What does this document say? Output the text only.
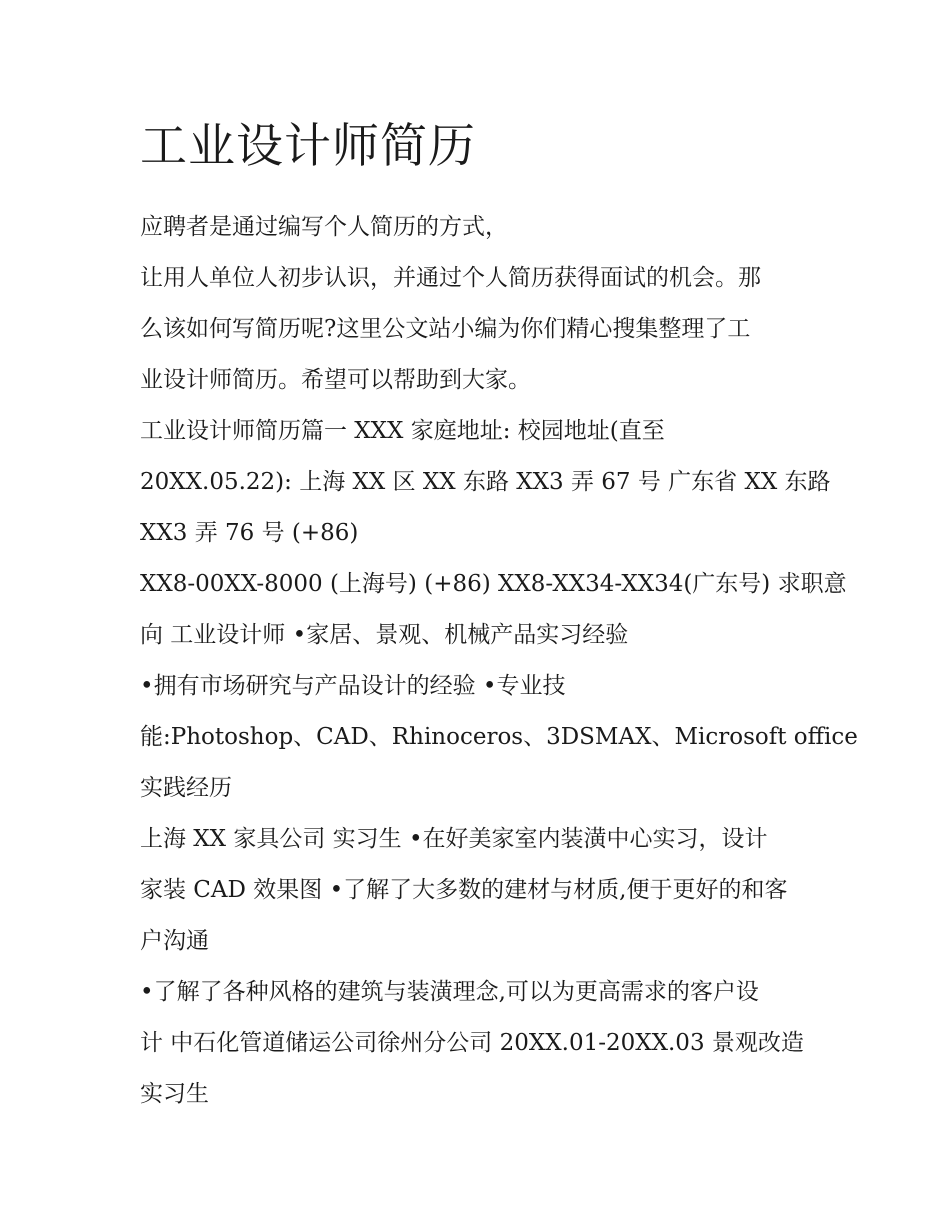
工业设计师简历

应聘者是通过编写个人简历的方式，

让用人单位人初步认识，并通过个人简历获得面试的机会。那

么该如何写简历呢?这里公文站小编为你们精心搜集整理了工

业设计师简历。希望可以帮助到大家。

工业设计师简历篇一 XXX 家庭地址: 校园地址(直至

20XX.05.22): 上海 XX 区 XX 东路 XX3 弄 67 号 广东省 XX 东路

XX3 弄 76 号 (+86)

XX8-00XX-8000 (上海号) (+86) XX8-XX34-XX34(广东号) 求职意

向 工业设计师 •家居、景观、机械产品实习经验

•拥有市场研究与产品设计的经验 •专业技

能:Photoshop、CAD、Rhinoceros、3DSMAX、Microsoft office

实践经历

上海 XX 家具公司 实习生 •在好美家室内装潢中心实习，设计

家装 CAD 效果图 •了解了大多数的建材与材质,便于更好的和客

户沟通

•了解了各种风格的建筑与装潢理念,可以为更高需求的客户设

计 中石化管道储运公司徐州分公司 20XX.01-20XX.03 景观改造

实习生
